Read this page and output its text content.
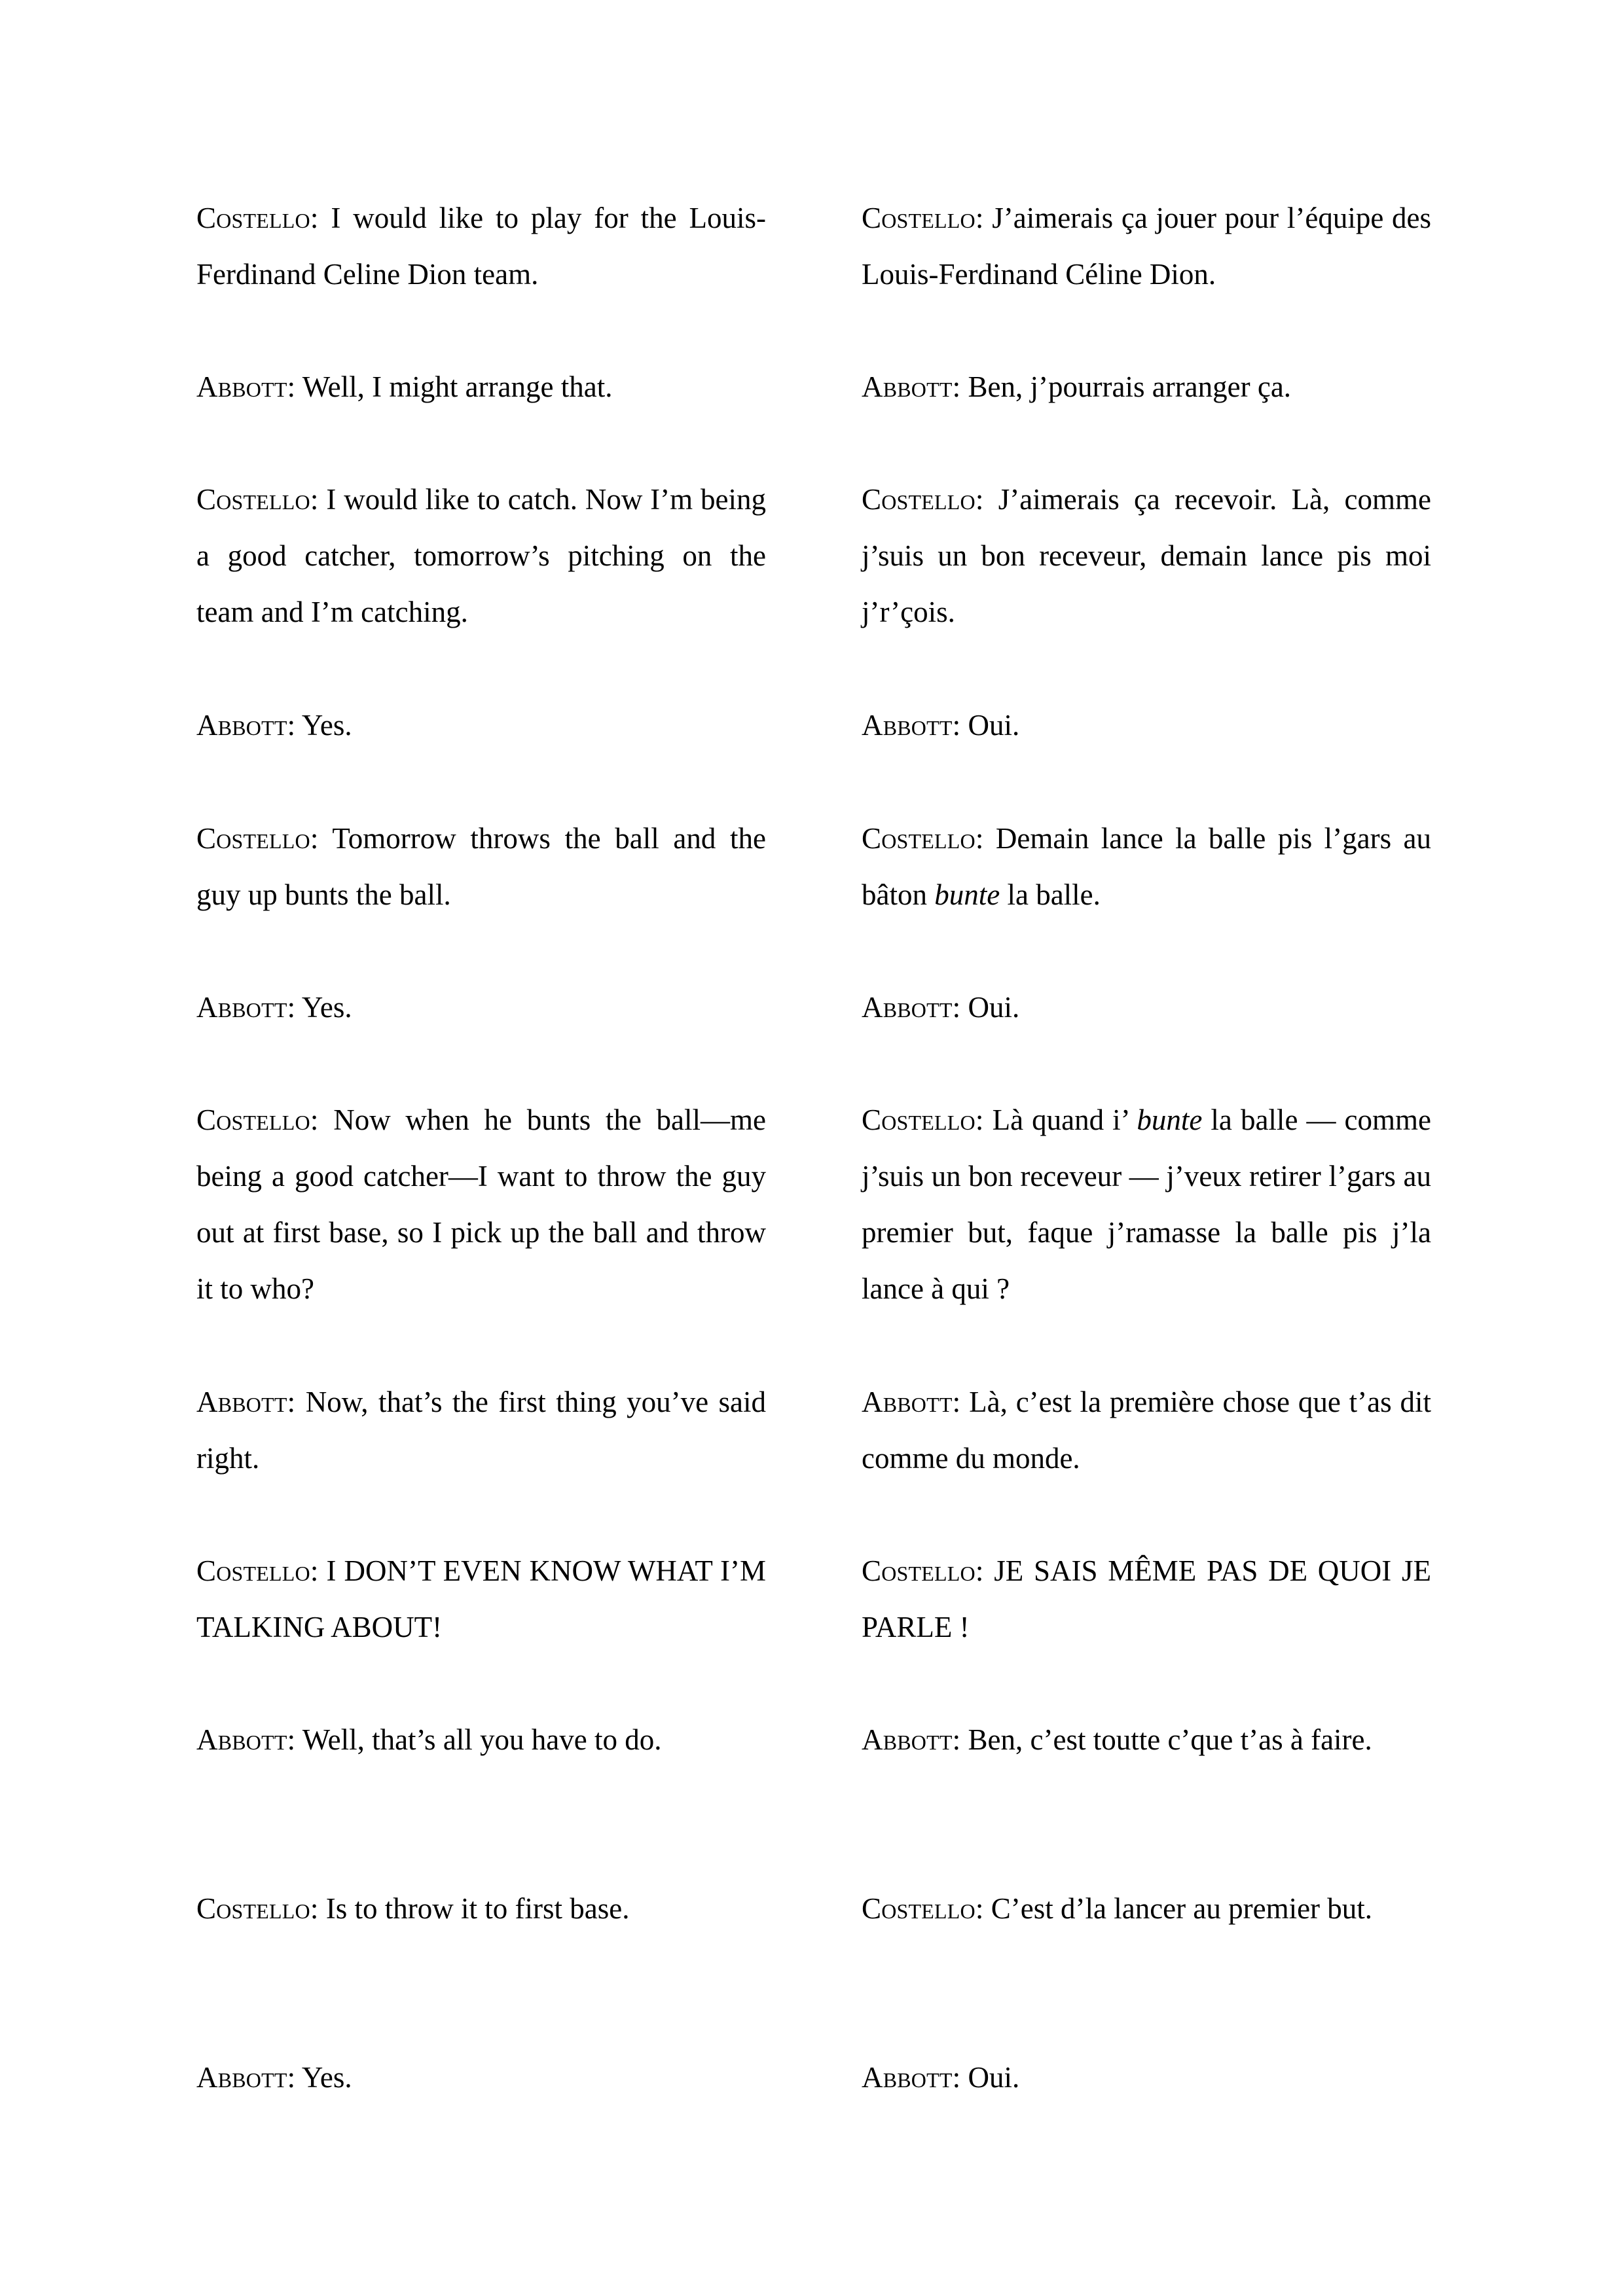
Costello: I would like to play for the Louis-Ferdinand Celine Dion team.

Abbott: Well, I might arrange that.

Costello: I would like to catch. Now I’m being a good catcher, tomorrow’s pitching on the team and I’m catching.

Abbott: Yes.

Costello: Tomorrow throws the ball and the guy up bunts the ball.

Abbott: Yes.

Costello: Now when he bunts the ball—me being a good catcher—I want to throw the guy out at first base, so I pick up the ball and throw it to who?

Abbott: Now, that’s the first thing you’ve said right.

Costello: I DON’T EVEN KNOW WHAT I’M TALKING ABOUT!

Abbott: Well, that’s all you have to do.

Costello: Is to throw it to first base.

Abbott: Yes.

Costello: J’aimerais ça jouer pour l’équipe des Louis-Ferdinand Céline Dion.

Abbott: Ben, j’pourrais arranger ça.

Costello: J’aimerais ça recevoir. Là, comme j’suis un bon receveur, demain lance pis moi j’r’çois.

Abbott: Oui.

Costello: Demain lance la balle pis l’gars au bâton bunte la balle.

Abbott: Oui.

Costello: Là quand i’ bunte la balle — comme j’suis un bon receveur — j’veux retirer l’gars au premier but, faque j’ramasse la balle pis j’la lance à qui ?

Abbott: Là, c’est la première chose que t’as dit comme du monde.

Costello: JE SAIS MÊME PAS DE QUOI JE PARLE !

Abbott: Ben, c’est toutte c’que t’as à faire.

Costello: C’est d’la lancer au premier but.

Abbott: Oui.
